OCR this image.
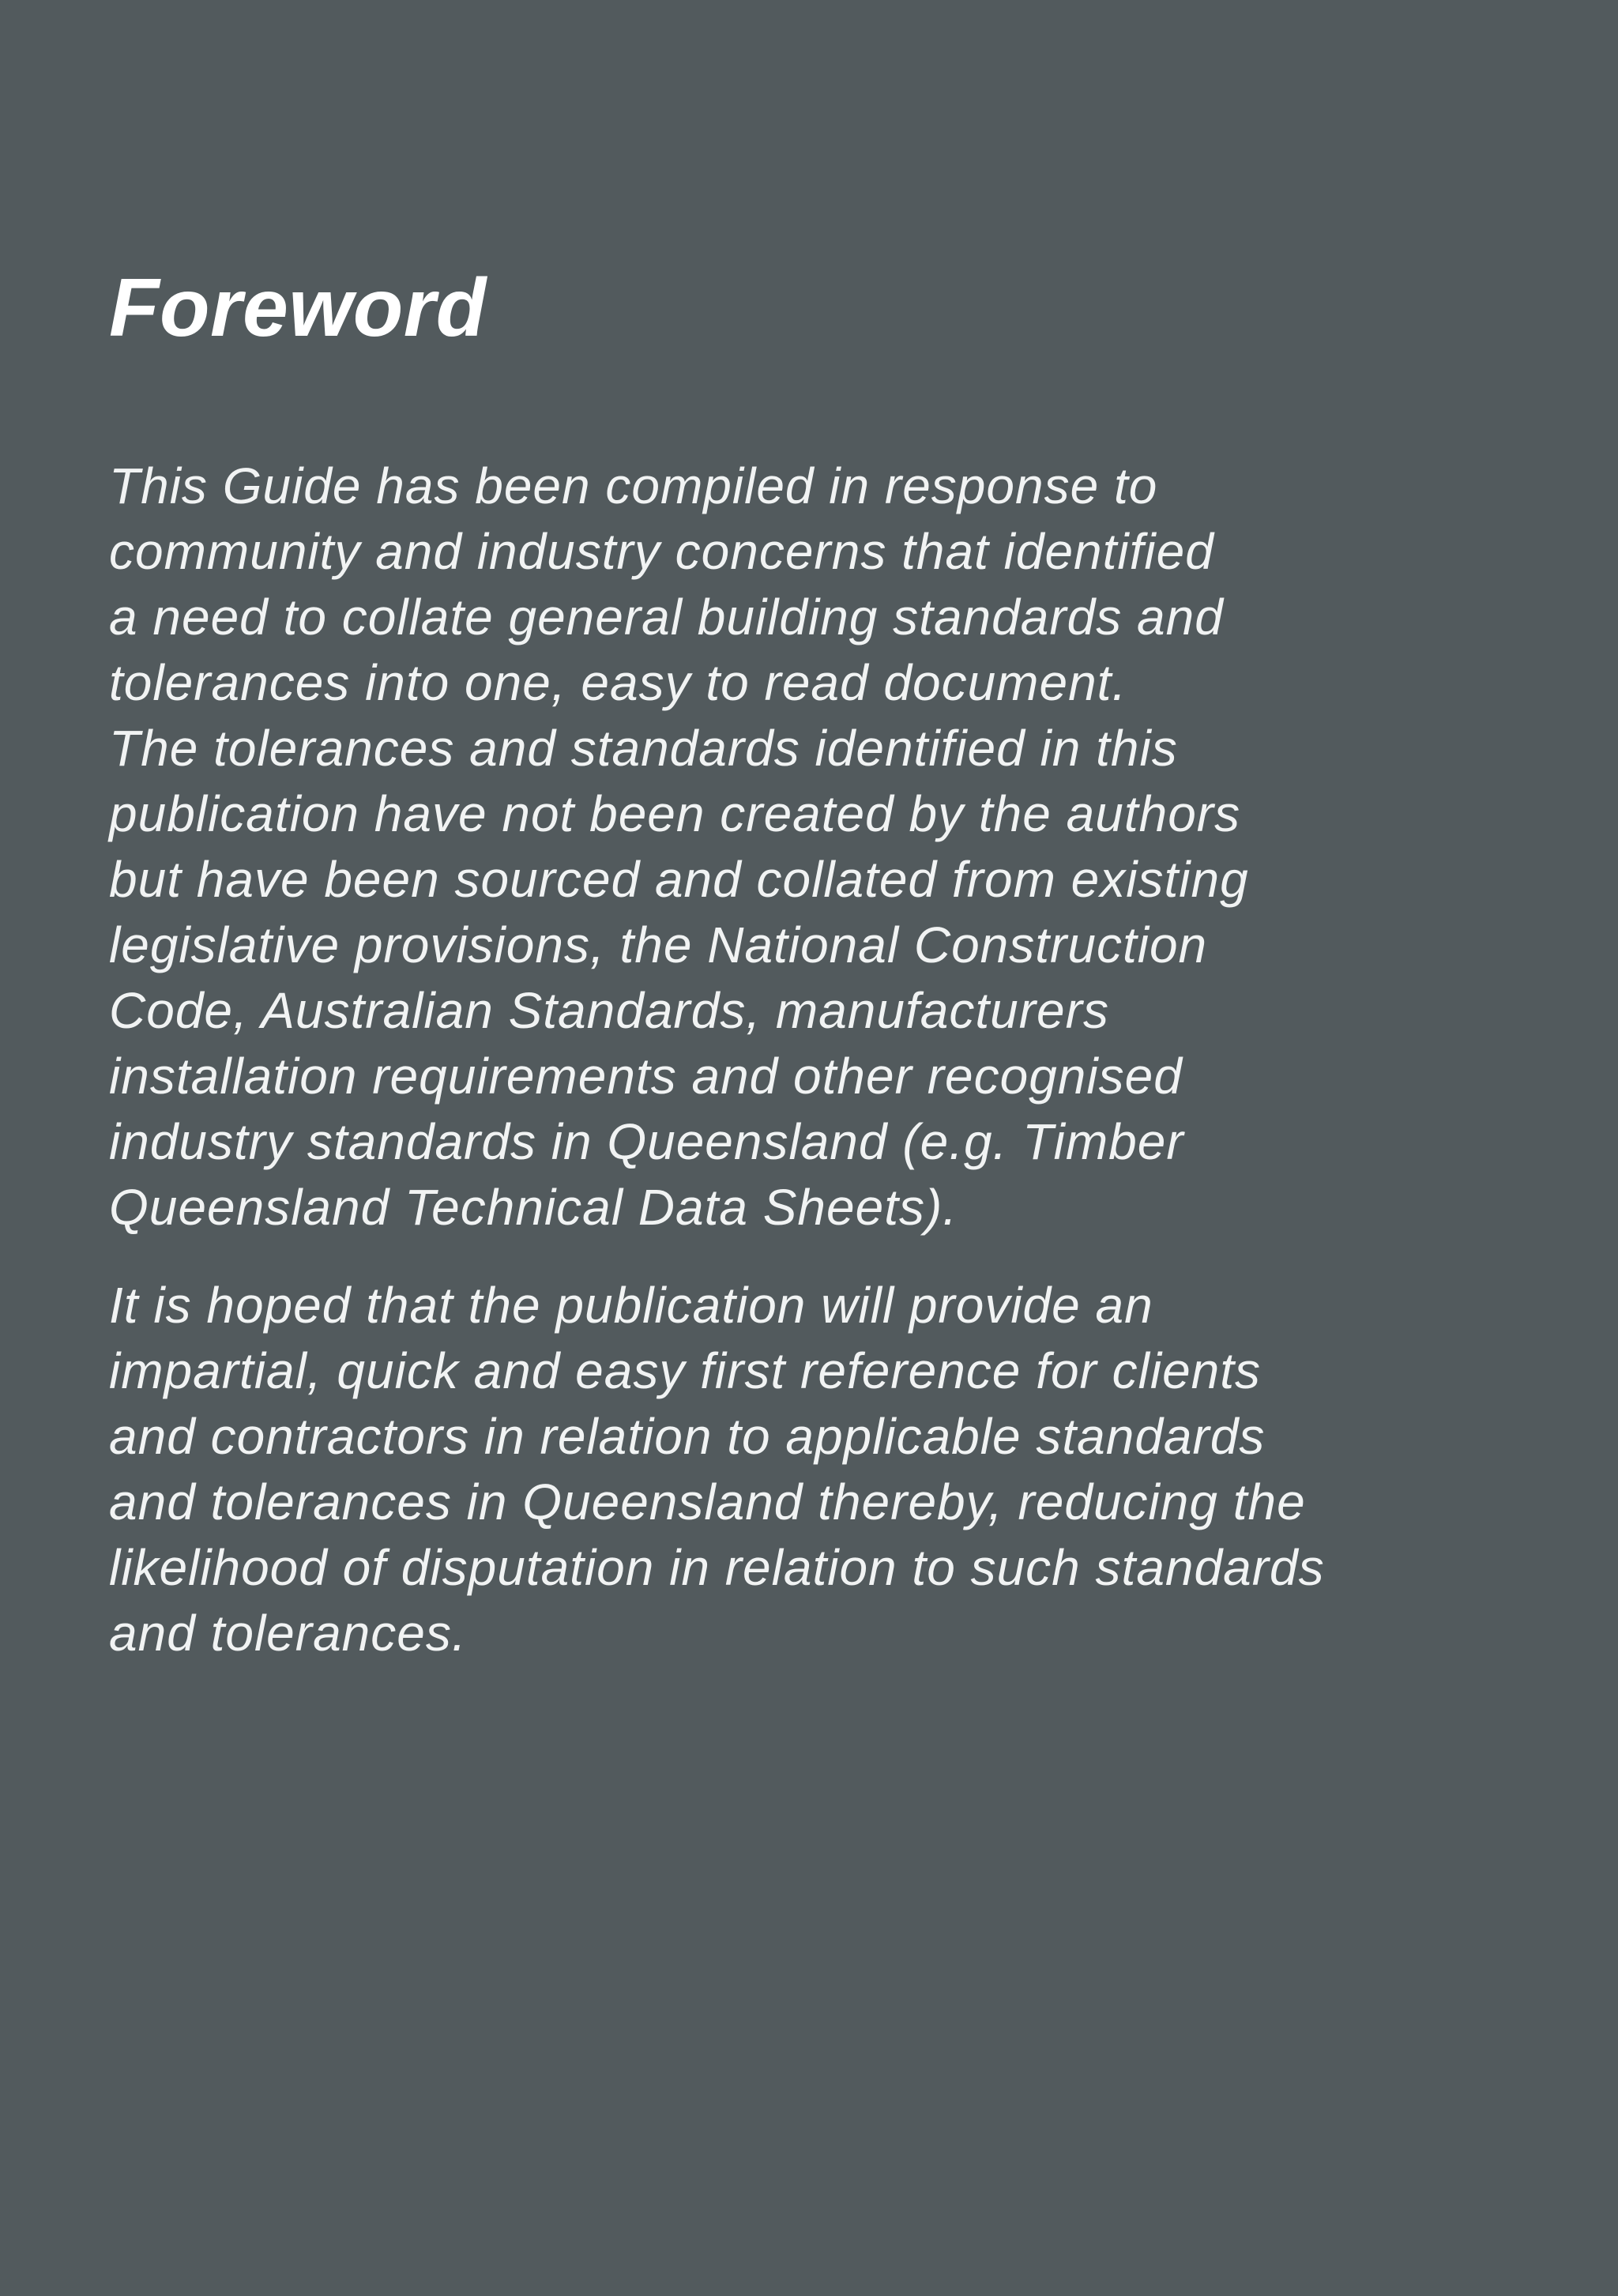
Foreword

This Guide has been compiled in response to
community and industry concerns that identified
a need to collate general building standards and
tolerances into one, easy to read document.
The tolerances and standards identified in this
publication have not been created by the authors
but have been sourced and collated from existing
legislative provisions, the National Construction
Code, Australian Standards, manufacturers
installation requirements and other recognised
industry standards in Queensland (e.g. Timber
Queensland Technical Data Sheets).

It is hoped that the publication will provide an
impartial, quick and easy first reference for clients
and contractors in relation to applicable standards
and tolerances in Queensland thereby, reducing the
likelihood of disputation in relation to such standards
and tolerances.
